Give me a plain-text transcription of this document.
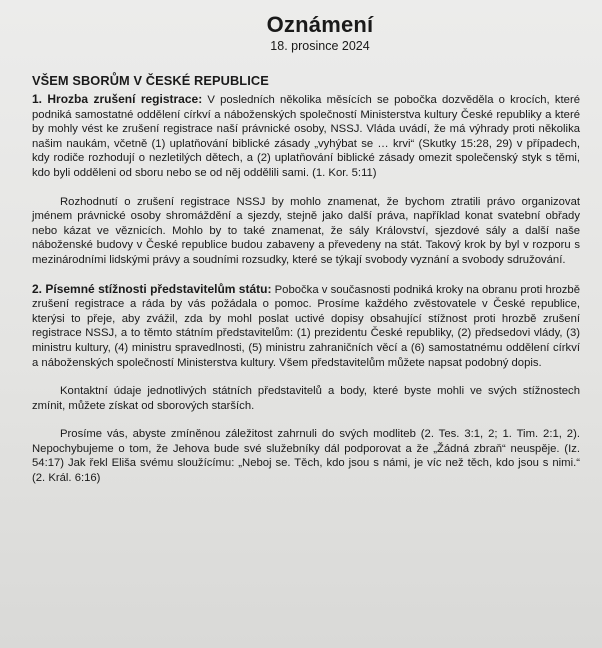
Oznámení
18. prosince 2024
VŠEM SBORŮM V ČESKÉ REPUBLICE

1. Hrozba zrušení registrace: V posledních několika měsících se pobočka dozvěděla o krocích, které podniká samostatné oddělení církví a náboženských společností Ministerstva kultury České republiky a které by mohly vést ke zrušení registrace naší právnické osoby, NSSJ. Vláda uvádí, že má výhrady proti několika našim naukám, včetně (1) uplatňování biblické zásady „vyhýbat se … krvi“ (Skutky 15:28, 29) v případech, kdy rodiče rozhodují o nezletilých dětech, a (2) uplatňování biblické zásady omezit společenský styk s těmi, kdo byli odděleni od sboru nebo se od něj oddělili sami. (1. Kor. 5:11)

Rozhodnutí o zrušení registrace NSSJ by mohlo znamenat, že bychom ztratili právo organizovat jménem právnické osoby shromáždění a sjezdy, stejně jako další práva, například konat svatební obřady nebo kázat ve věznicích. Mohlo by to také znamenat, že sály Království, sjezdové sály a další naše náboženské budovy v České republice budou zabaveny a převedeny na stát. Takový krok by byl v rozporu s mezinárodními lidskými právy a soudními rozsudky, které se týkají svobody vyznání a svobody sdružování.

2. Písemné stížnosti představitelům státu: Pobočka v současnosti podniká kroky na obranu proti hrozbě zrušení registrace a ráda by vás požádala o pomoc. Prosíme každého zvěstovatele v České republice, kterýsi to přeje, aby zvážil, zda by mohl poslat uctivé dopisy obsahující stížnost proti hrozbě zrušení registrace NSSJ, a to těmto státním představitelům: (1) prezidentu České republiky, (2) předsedovi vlády, (3) ministru kultury, (4) ministru spravedlnosti, (5) ministru zahraničních věcí a (6) samostatnému oddělení církví a náboženských společností Ministerstva kultury. Všem představitelům můžete napsat podobný dopis.

Kontaktní údaje jednotlivých státních představitelů a body, které byste mohli ve svých stížnostech zmínit, můžete získat od sborových starších.

Prosíme vás, abyste zmíněnou záležitost zahrnuli do svých modliteb (2. Tes. 3:1, 2; 1. Tim. 2:1, 2). Nepochybujeme o tom, že Jehova bude své služebníky dál podporovat a že „Žádná zbraň“ neuspěje. (Iz. 54:17) Jak řekl Eliša svému sloužícímu: „Neboj se. Těch, kdo jsou s námi, je víc než těch, kdo jsou s nimi.“ (2. Král. 6:16)
